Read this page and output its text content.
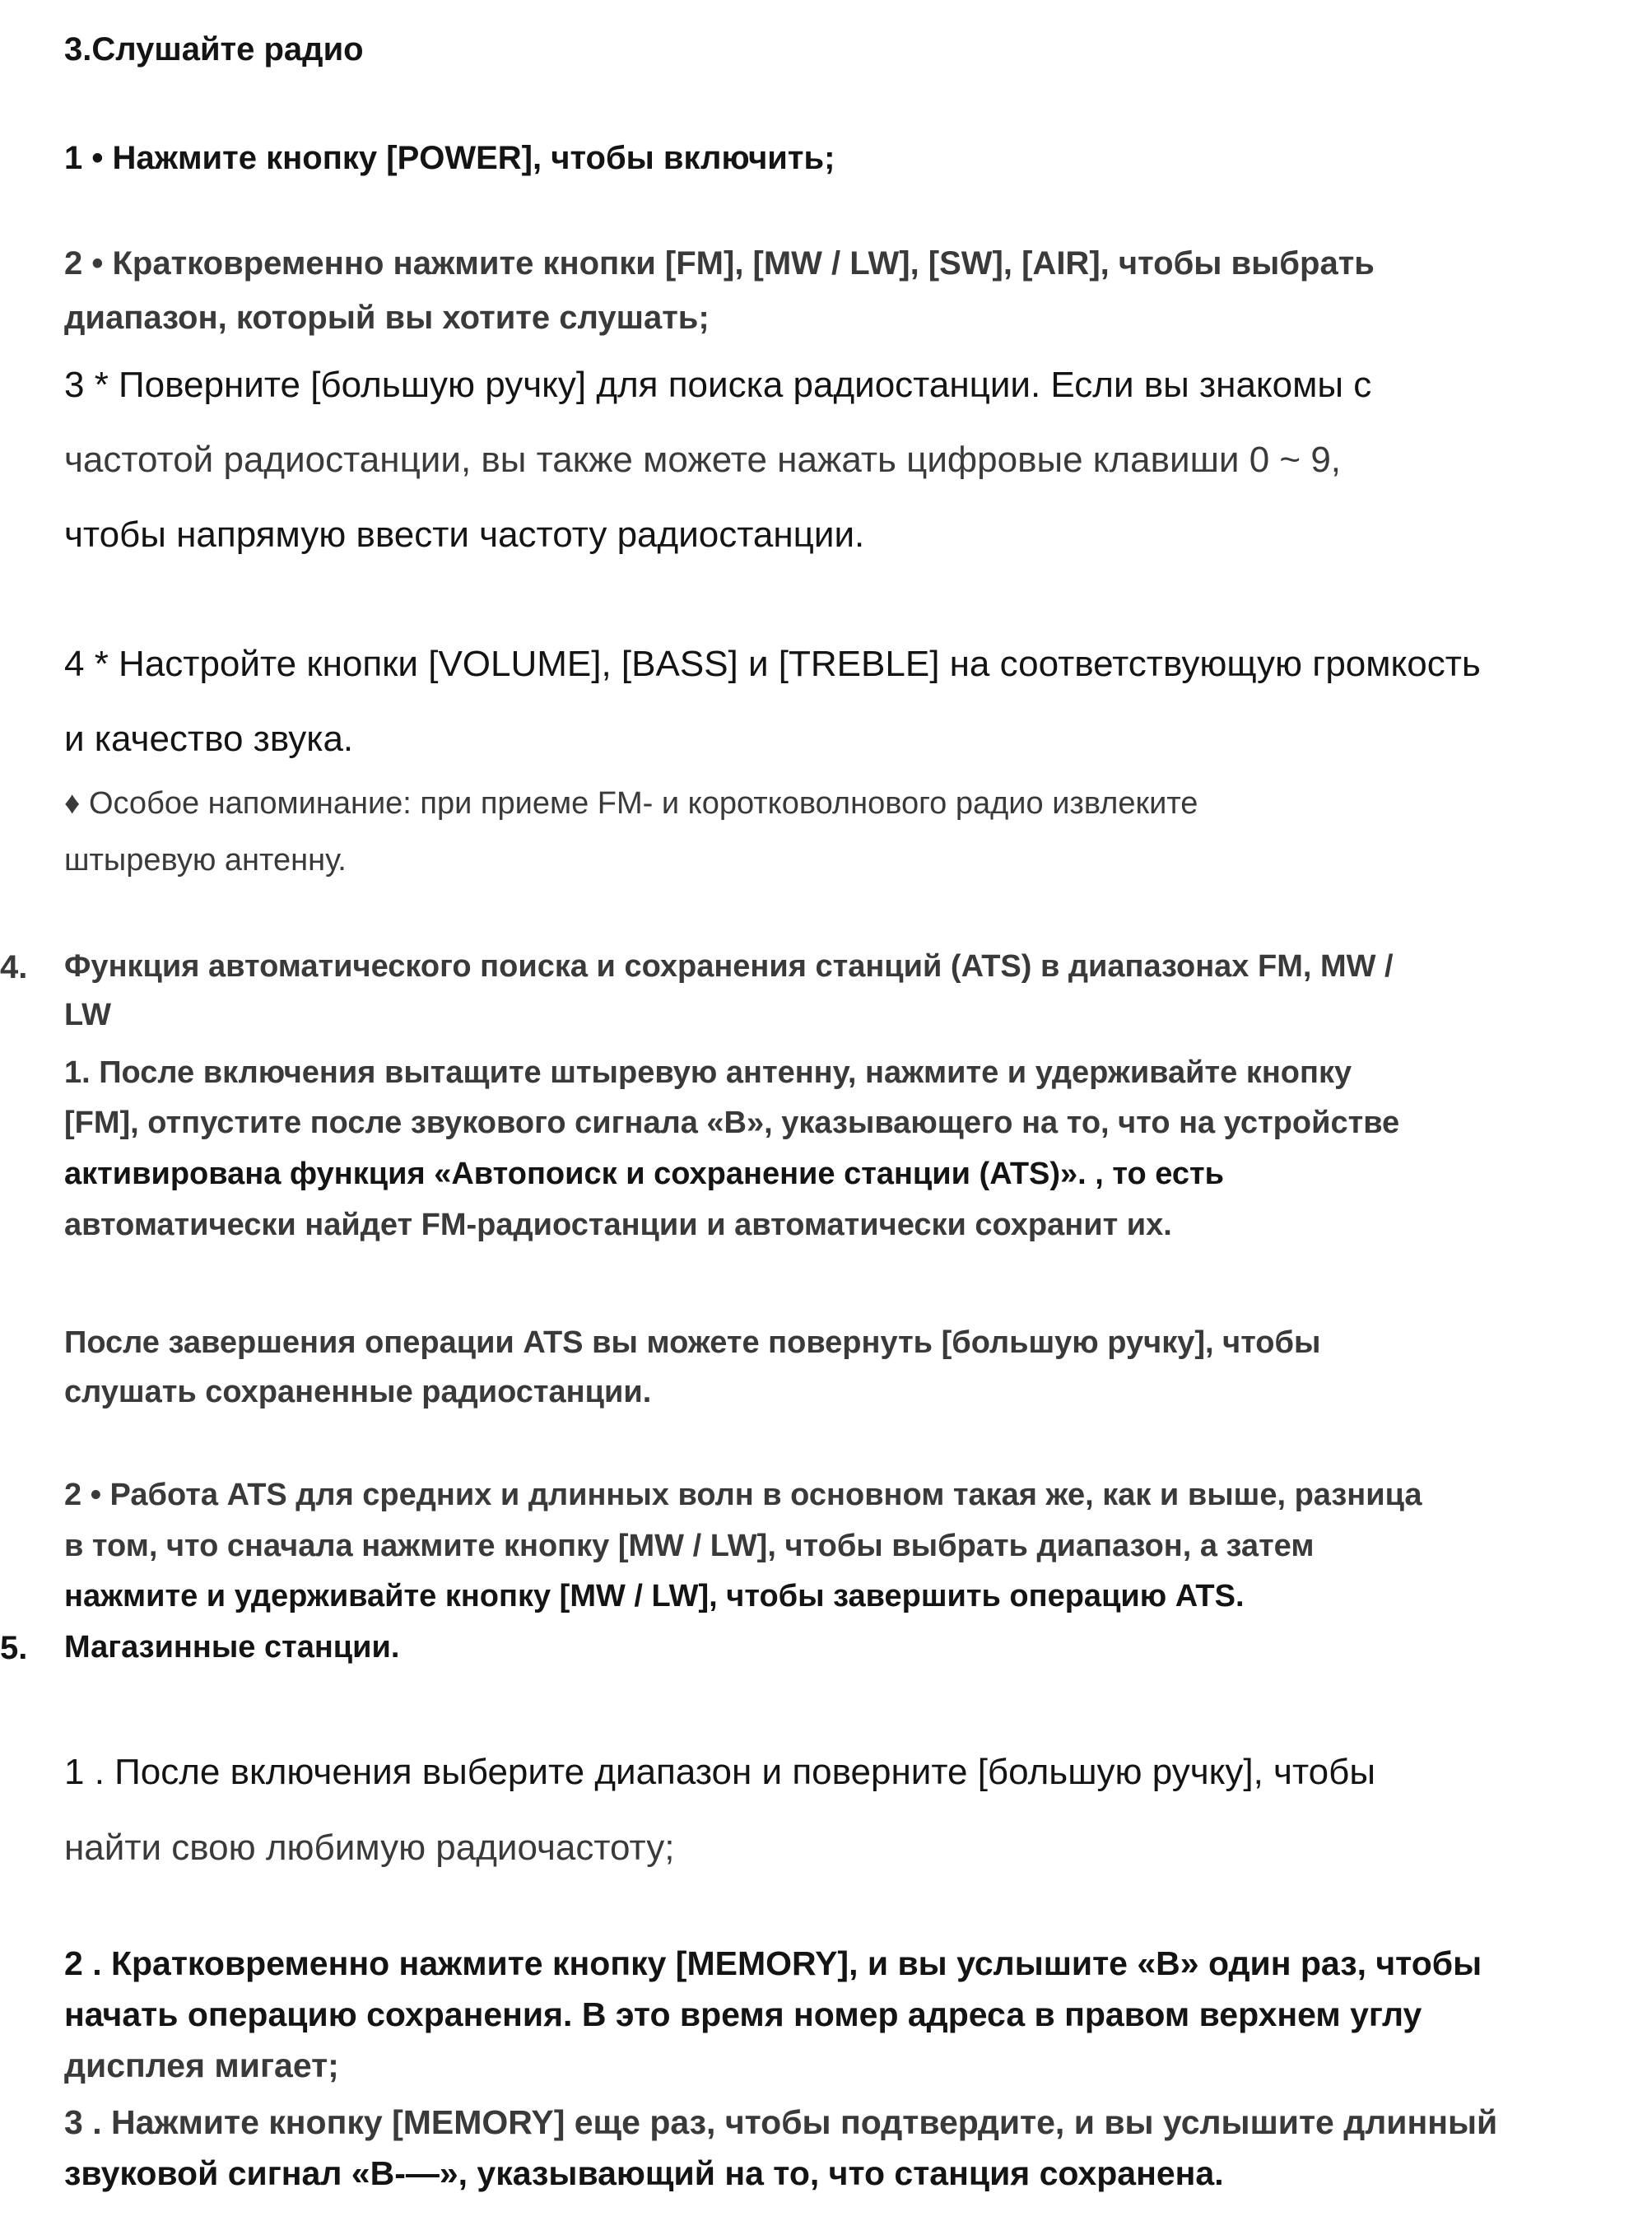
3.Слушайте радио

1 • Нажмите кнопку [POWER], чтобы включить;

2 • Кратковременно нажмите кнопки [FM], [MW / LW], [SW], [AIR], чтобы выбрать

диапазон, который вы хотите слушать;

3 * Поверните [большую ручку] для поиска радиостанции. Если вы знакомы с

частотой радиостанции, вы также можете нажать цифровые клавиши 0 ~ 9,

чтобы напрямую ввести частоту радиостанции.

4 * Настройте кнопки [VOLUME], [BASS] и [TREBLE] на соответствующую громкость

и качество звука.

♦ Особое напоминание: при приеме FM- и коротковолнового радио извлеките

штыревую антенну.

4. Функция автоматического поиска и сохранения станций (ATS) в диапазонах FM, MW /

LW

1. После включения вытащите штыревую антенну, нажмите и удерживайте кнопку

[FM], отпустите после звукового сигнала «В», указывающего на то, что на устройстве

активирована функция «Автопоиск и сохранение станции (ATS)». , то есть

автоматически найдет FM-радиостанции и автоматически сохранит их.

После завершения операции ATS вы можете повернуть [большую ручку], чтобы

слушать сохраненные радиостанции.

2 • Работа ATS для средних и длинных волн в основном такая же, как и выше, разница

в том, что сначала нажмите кнопку [MW / LW], чтобы выбрать диапазон, а затем

нажмите и удерживайте кнопку [MW / LW], чтобы завершить операцию ATS.

5. Магазинные станции.

1 . После включения выберите диапазон и поверните [большую ручку], чтобы

найти свою любимую радиочастоту;

2 . Кратковременно нажмите кнопку [MEMORY], и вы услышите «В» один раз, чтобы

начать операцию сохранения. В это время номер адреса в правом верхнем углу

дисплея мигает;

3 . Нажмите кнопку [MEMORY] еще раз, чтобы подтвердите, и вы услышите длинный

звуковой сигнал «В-—», указывающий на то, что станция сохранена.
